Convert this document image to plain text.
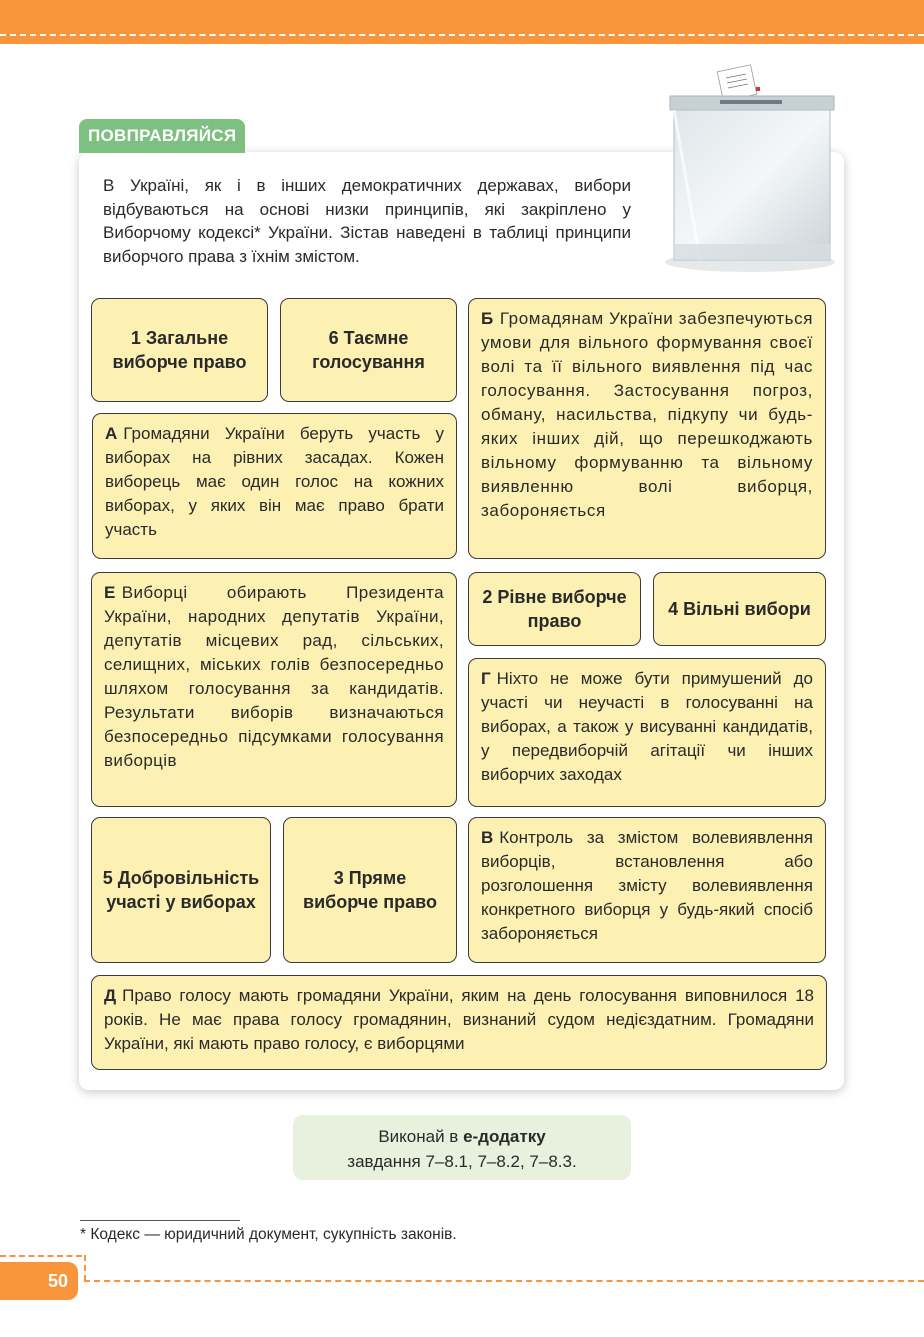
ПОВПРАВЛЯЙСЯ

В Україні, як і в інших демократичних державах, вибори відбуваються на основі низки принципів, які закріплено у Виборчому кодексі* України. Зістав наведені в таблиці принципи виборчого права з їхнім змістом.

1 Загальне виборче право
6 Таємне голосування
А Громадяни України беруть участь у виборах на рівних засадах. Кожен виборець має один голос на кожних виборах, у яких він має право брати участь
Б Громадянам України забезпечуються умови для вільного формування своєї волі та її вільного виявлення під час голосування. Застосування погроз, обману, насильства, підкупу чи будь-яких інших дій, що перешкоджають вільному формуванню та вільному виявленню волі виборця, забороняється
Е Виборці обирають Президента України, народних депутатів України, депутатів місцевих рад, сільських, селищних, міських голів безпосередньо шляхом голосування за кандидатів. Результати виборів визначаються безпосередньо підсумками голосування виборців
2 Рівне виборче право
4 Вільні вибори
Г Ніхто не може бути примушений до участі чи неучасті в голосуванні на виборах, а також у висуванні кандидатів, у передвиборчій агітації чи інших виборчих заходах
5 Добровільність участі у виборах
3 Пряме виборче право
В Контроль за змістом волевиявлення виборців, встановлення або розголошення змісту волевиявлення конкретного виборця у будь-який спосіб забороняється
Д Право голосу мають громадяни України, яким на день голосування виповнилося 18 років. Не має права голосу громадянин, визнаний судом недієздатним. Громадяни України, які мають право голосу, є виборцями
Виконай в е-додатку
завдання 7–8.1, 7–8.2, 7–8.3.
* Кодекс — юридичний документ, сукупність законів.
50
